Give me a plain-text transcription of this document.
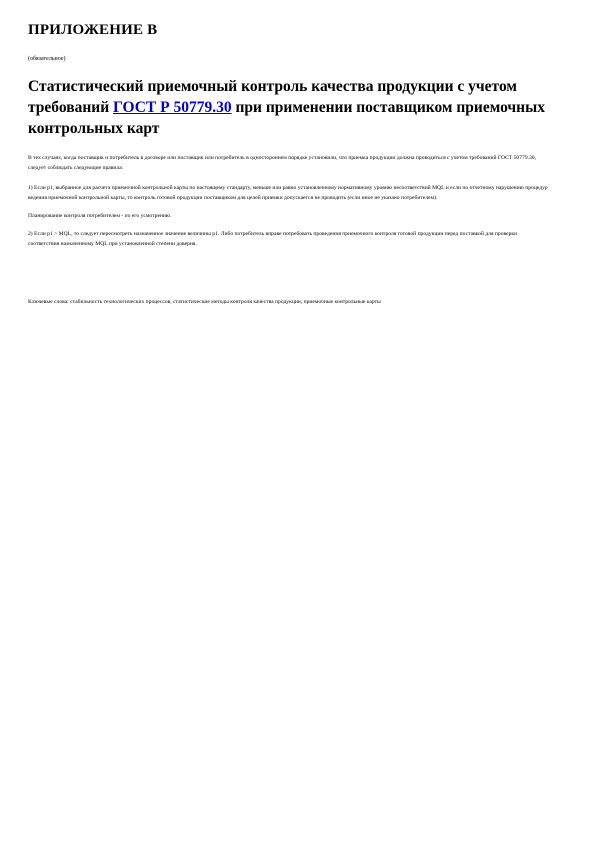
ПРИЛОЖЕНИЕ В
(обязательное)
Статистический приемочный контроль качества продукции с учетом требований ГОСТ Р 50779.30 при применении поставщиком приемочных контрольных карт

В тех случаях, когда поставщик и потребитель в договоре или поставщик или потребитель в одностороннем порядке установили, что приемка продукции должна проводиться с учетом требований ГОСТ 50779.30, следует соблюдать следующие правила:

1) Если р1, выбранное для расчета приемочной контрольной карты по настоящему стандарту, меньше или равно установленному нормативному уровню несоответствий MQL и если по отчетному нарушению процедур ведения приемочной контрольной карты, то контроль готовой продукции поставщиком для целей приемки допускается не проводить (если иное не указано потребителем).

Планирование контроля потребителем - по его усмотрению.

2) Если р1 > MQL, то следует пересмотреть назначенное значение величины р1. Либо потребитель вправе потребовать проведения приемочного контроля готовой продукции перед поставкой для проверки соответствия назначенному MQL при установленной степени доверия.

Ключевые слова: стабильность технологических процессов, статистические методы контроля качества продукции, приемочные контрольные карты
